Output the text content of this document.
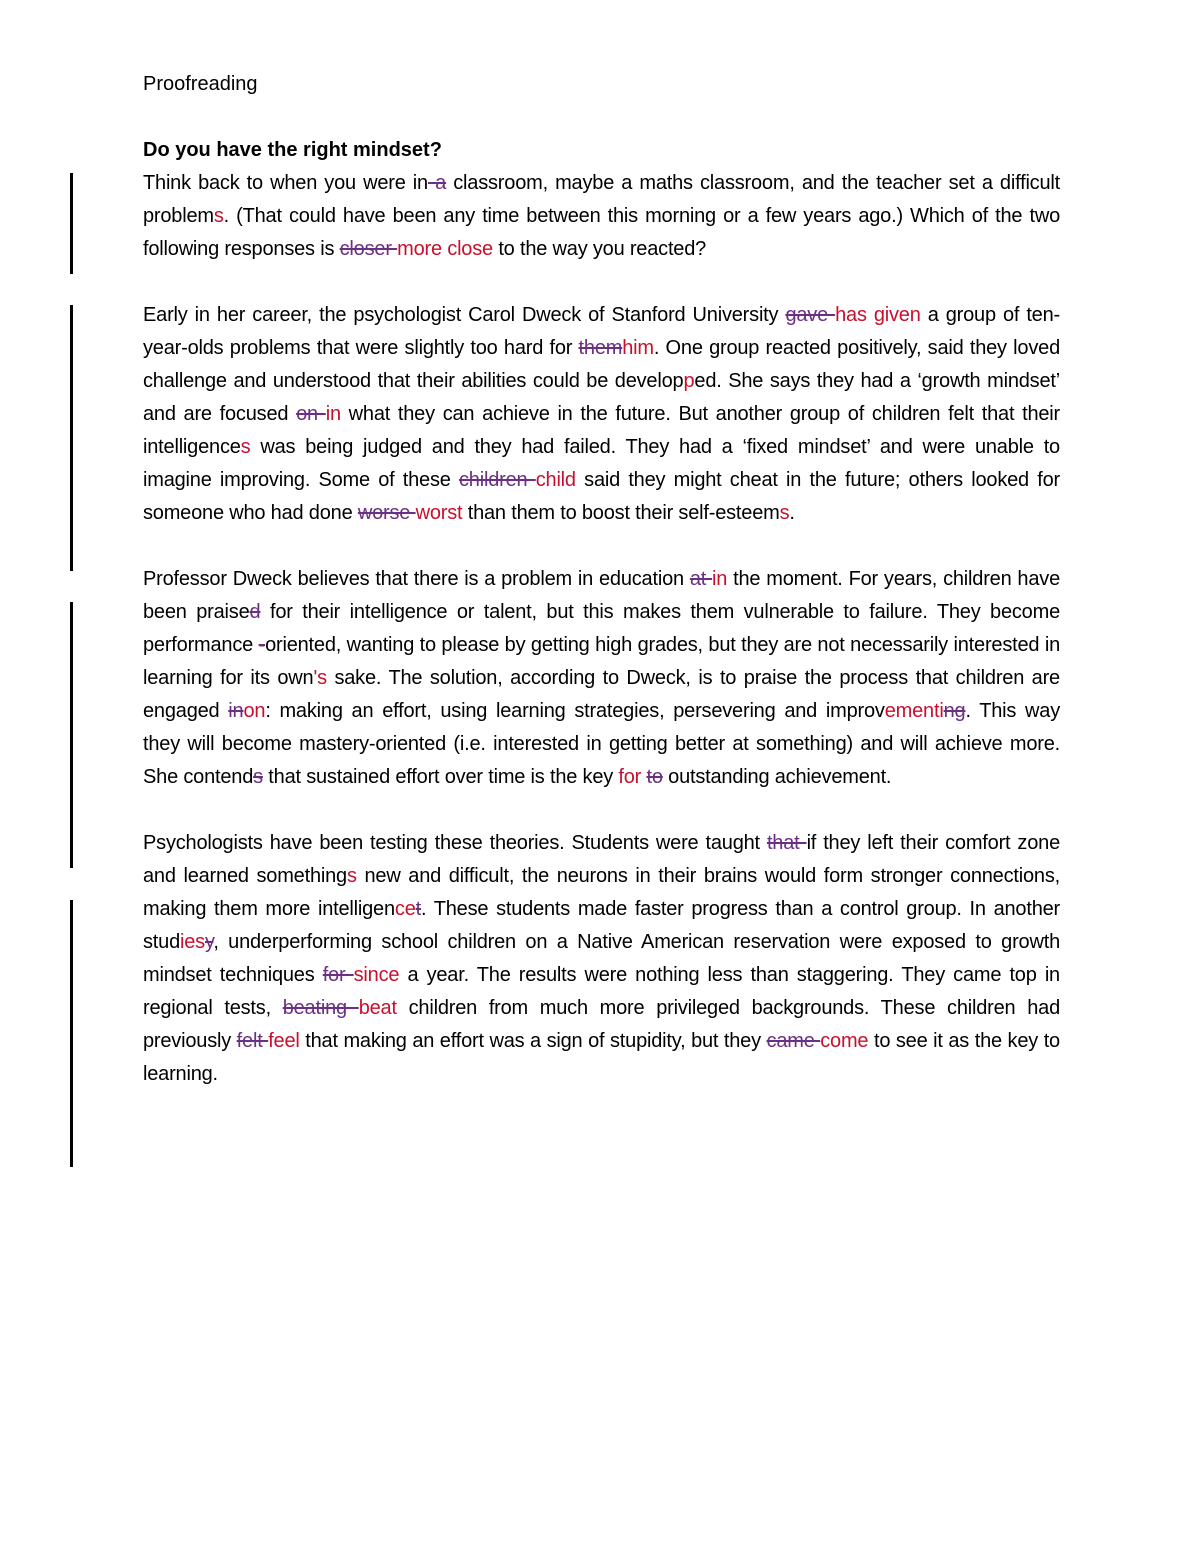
Proofreading
Do you have the right mindset?

Think back to when you were in a classroom, maybe a maths classroom, and the teacher set a difficult problems. (That could have been any time between this morning or a few years ago.) Which of the two following responses is closer more close to the way you reacted?

Early in her career, the psychologist Carol Dweck of Stanford University gave has given a group of ten-year-olds problems that were slightly too hard for themhim. One group reacted positively, said they loved challenge and understood that their abilities could be developped. She says they had a ‘growth mindset’ and are focused on in what they can achieve in the future. But another group of children felt that their intelligences was being judged and they had failed. They had a ‘fixed mindset’ and were unable to imagine improving. Some of these children child said they might cheat in the future; others looked for someone who had done worse worst than them to boost their self-esteems.

Professor Dweck believes that there is a problem in education at in the moment. For years, children have been praised for their intelligence or talent, but this makes them vulnerable to failure. They become performance -oriented, wanting to please by getting high grades, but they are not necessarily interested in learning for its own's sake. The solution, according to Dweck, is to praise the process that children are engaged inon: making an effort, using learning strategies, persevering and improvementing. This way they will become mastery-oriented (i.e. interested in getting better at something) and will achieve more. She contends that sustained effort over time is the key for to outstanding achievement.

Psychologists have been testing these theories. Students were taught that if they left their comfort zone and learned somethings new and difficult, the neurons in their brains would form stronger connections, making them more intelligencet. These students made faster progress than a control group. In another studiesy, underperforming school children on a Native American reservation were exposed to growth mindset techniques for since a year. The results were nothing less than staggering. They came top in regional tests, beating beat children from much more privileged backgrounds. These children had previously felt feel that making an effort was a sign of stupidity, but they came come to see it as the key to learning.
